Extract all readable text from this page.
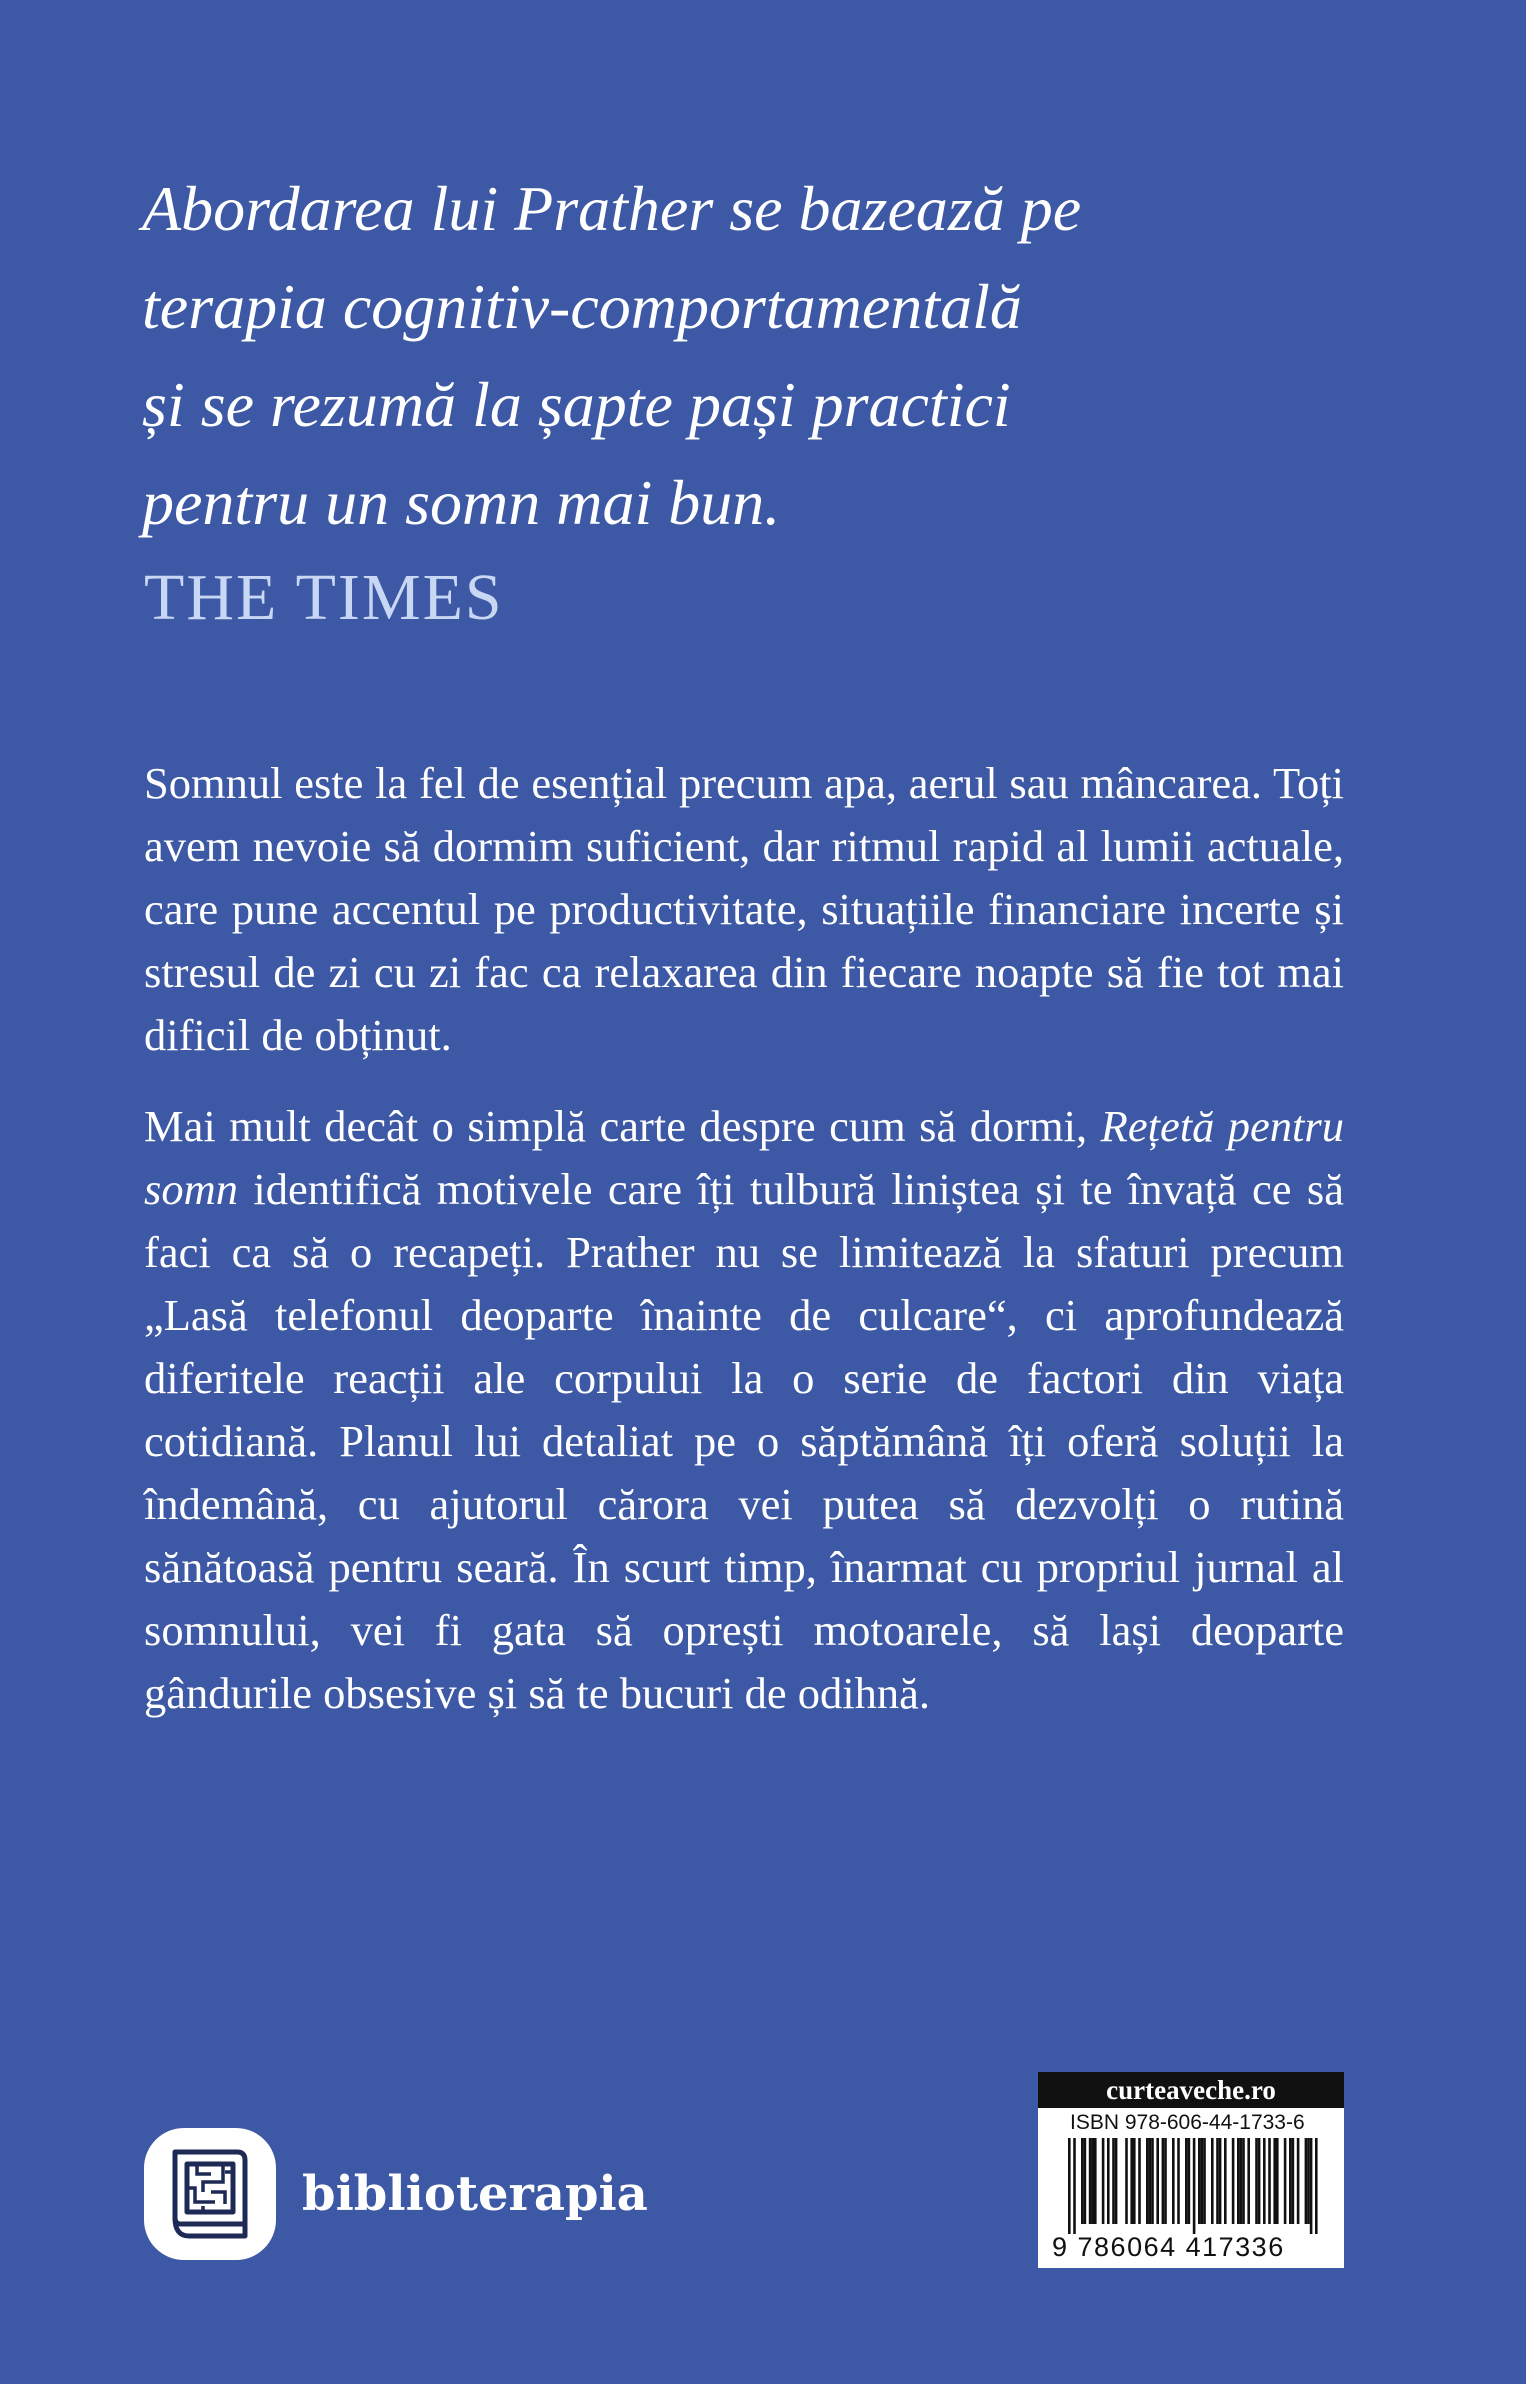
Abordarea lui Prather se bazează pe
terapia cognitiv-comportamentală
și se rezumă la șapte pași practici
pentru un somn mai bun.
THE TIMES

Somnul este la fel de esențial precum apa, aerul sau mâncarea. Toți avem nevoie să dormim suficient, dar ritmul rapid al lumii actuale, care pune accentul pe productivitate, situațiile financiare incerte și stresul de zi cu zi fac ca relaxarea din fiecare noapte să fie tot mai dificil de obținut.

Mai mult decât o simplă carte despre cum să dormi, Rețetă pentru somn identifică motivele care îți tulbură liniștea și te învață ce să faci ca să o recapeți. Prather nu se limitează la sfaturi precum „Lasă telefonul deoparte înainte de culcare“, ci aprofundează diferitele reacții ale corpului la o serie de factori din viața cotidiană. Planul lui detaliat pe o săptămână îți oferă soluții la îndemână, cu ajutorul cărora vei putea să dezvolți o rutină sănătoasă pentru seară. În scurt timp, înarmat cu propriul jurnal al somnului, vei fi gata să oprești motoarele, să lași deoparte gândurile obsesive și să te bucuri de odihnă.

biblioterapia
curteaveche.ro
ISBN 978-606-44-1733-6
9 786064 417336
